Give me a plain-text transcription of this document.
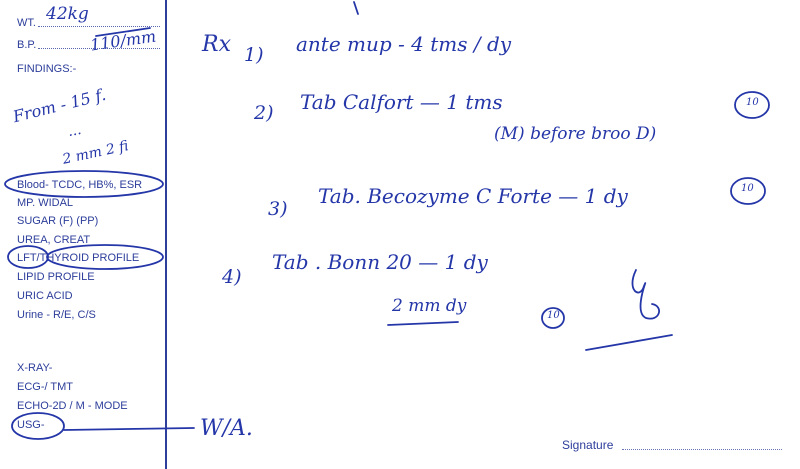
WT.
B.P.
FINDINGS:-
Blood- TCDC, HB%, ESR
MP. WIDAL
SUGAR (F) (PP)
UREA, CREAT
LFT/THYROID PROFILE
LIPID PROFILE
URIC ACID
Urine - R/E, C/S
X-RAY-
ECG-/ TMT
ECHO-2D / M - MODE
USG-
42kg
110/mm
From - 15 f.
...
2 mm 2 fi
Rx 1) ante mup - 4 tms / dy
2) Tab Calfort — 1 tms
(M) before broo D)
3)
Tab. Becozyme C Forte — 1 dy
4)
Tab . Bonn 20 — 1 dy
2 mm dy
W/A.
10
10
10
Signature
